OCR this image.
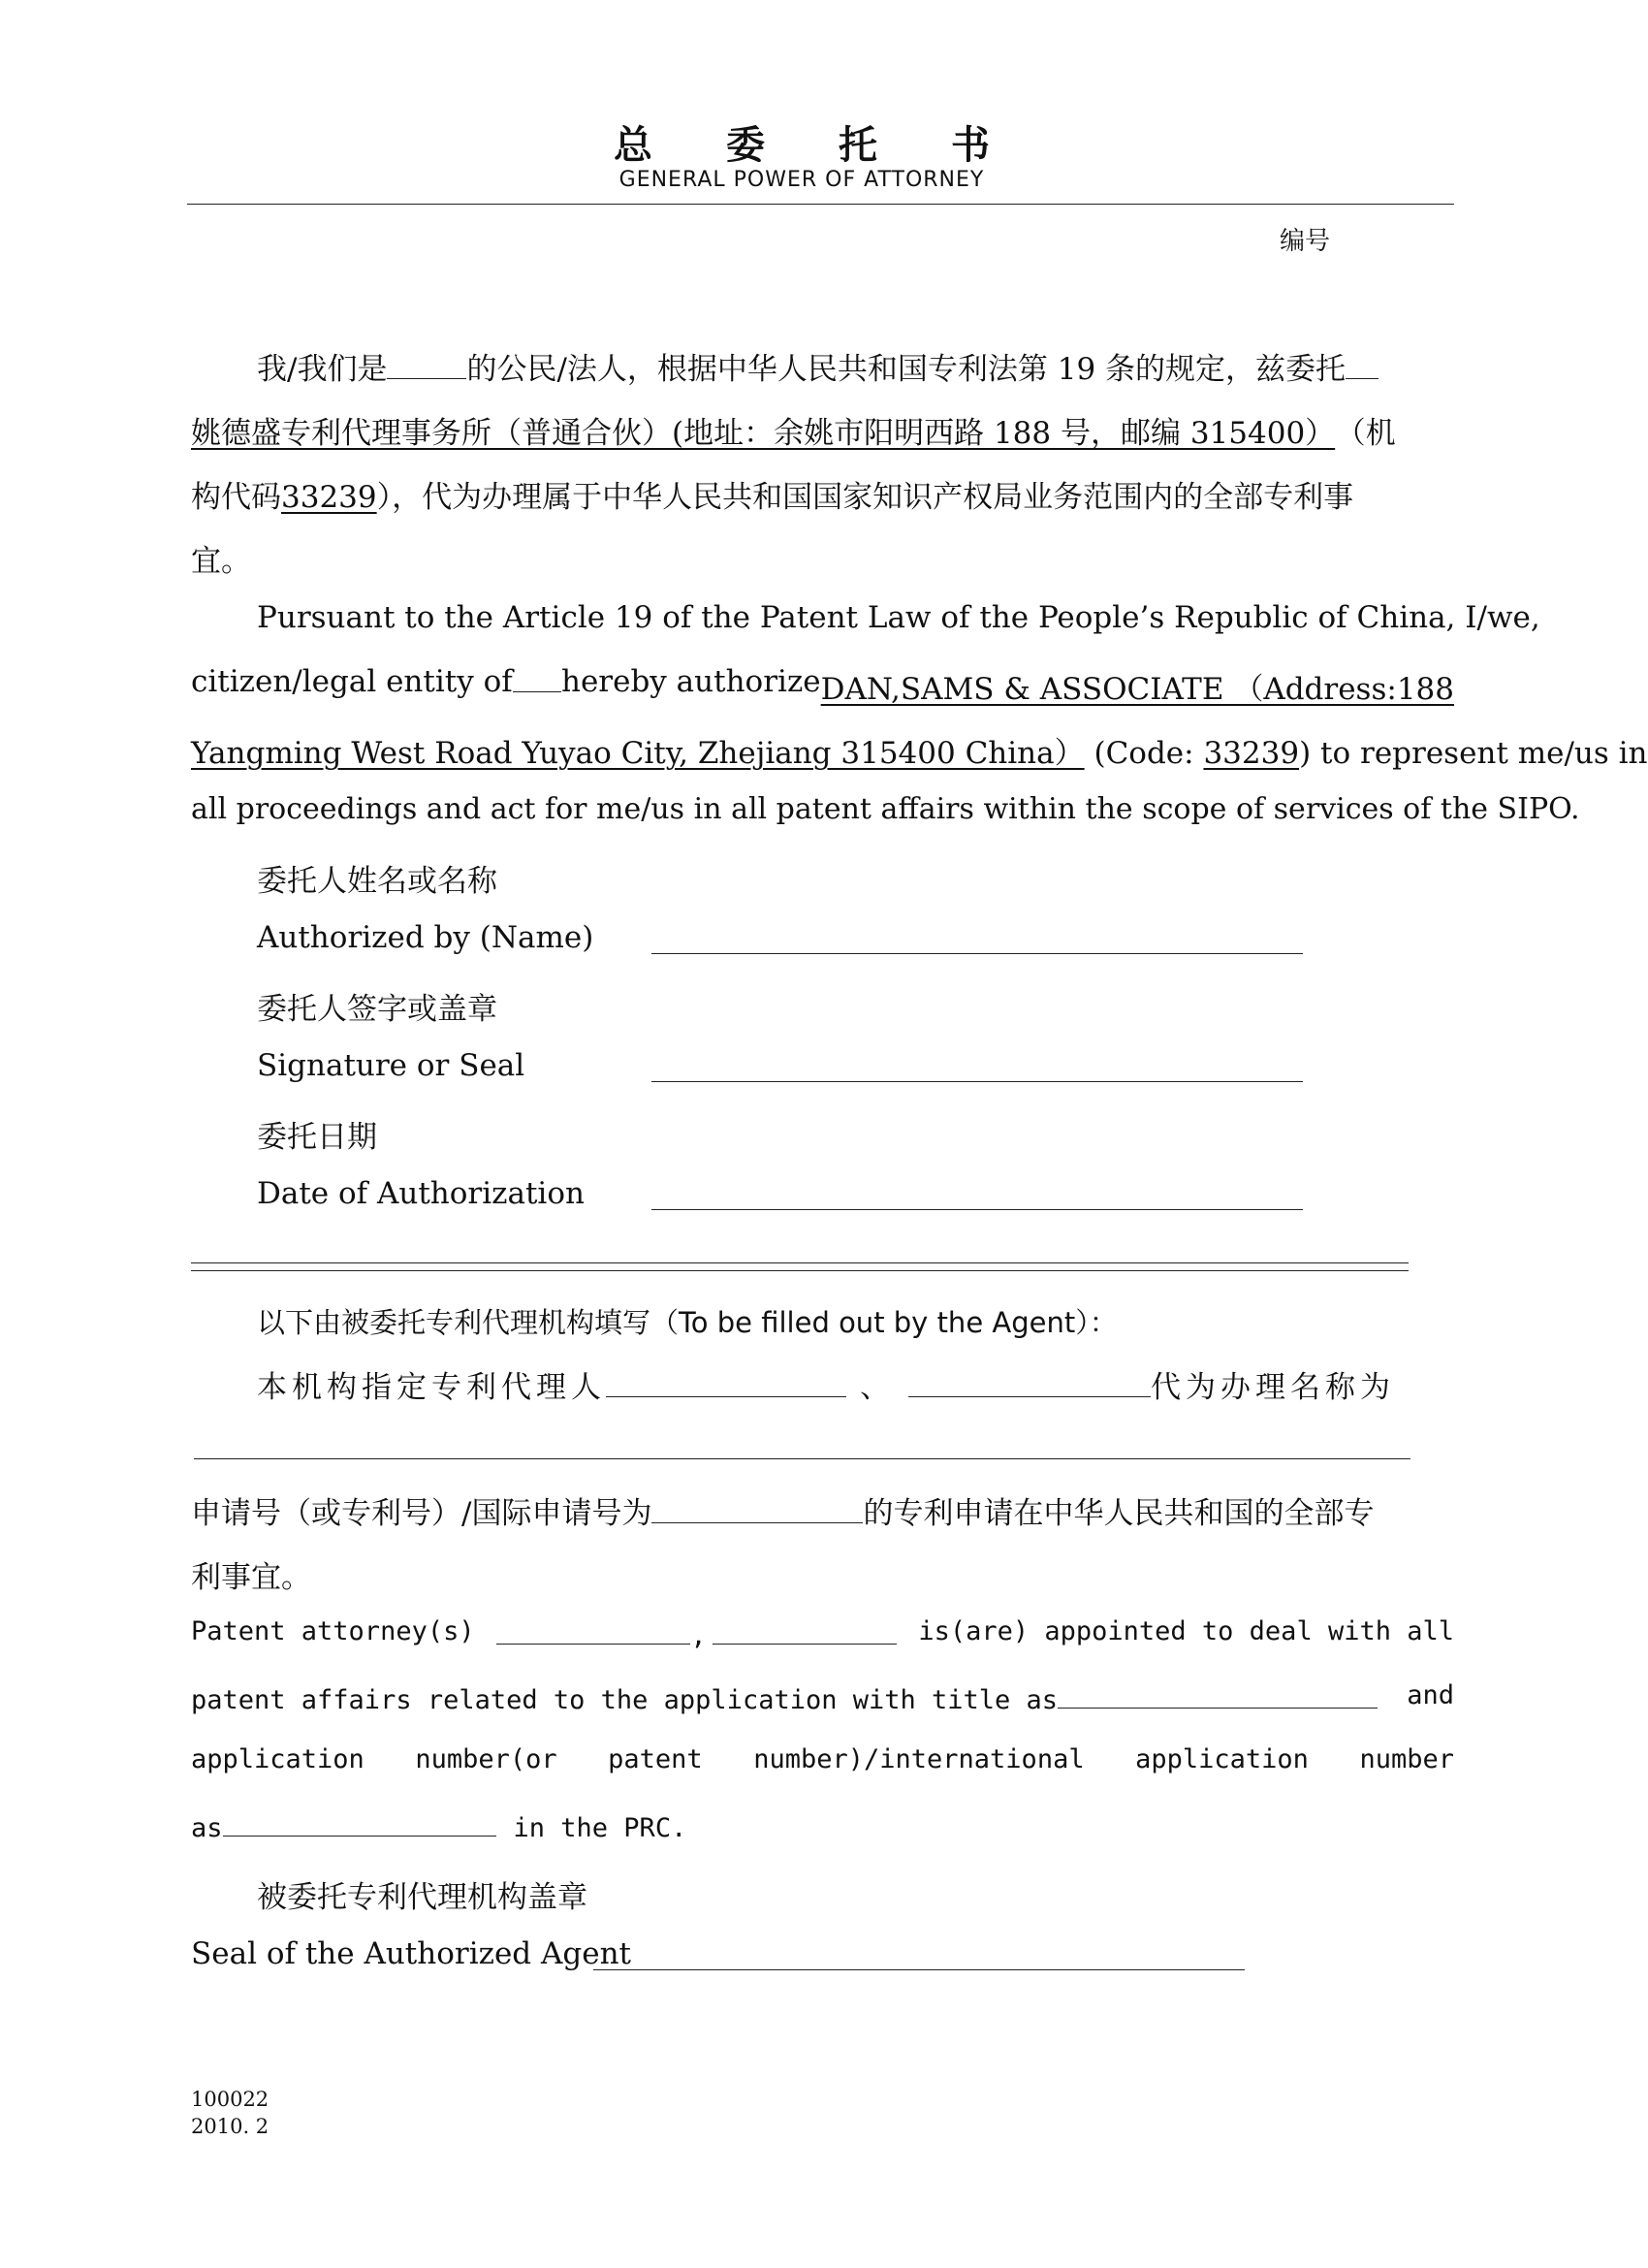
总 委 托 书
GENERAL POWER OF ATTORNEY
编号
我/我们是	的公民/法人，根据中华人民共和国专利法第 19 条的规定，兹委托
姚德盛专利代理事务所（普通合伙）(地址：余姚市阳明西路 188 号，邮编 315400） （机
构代码33239），代为办理属于中华人民共和国国家知识产权局业务范围内的全部专利事
宜。
Pursuant to the Article 19 of the Patent Law of the People’s Republic of China, I/we,
citizen/legal entity of hereby authorize DAN,SAMS & ASSOCIATE （Address:188
Yangming West Road Yuyao City, Zhejiang 315400 China） (Code: 33239) to represent me/us in
all proceedings and act for me/us in all patent affairs within the scope of services of the SIPO.
委托人姓名或名称
Authorized by (Name)
委托人签字或盖章
Signature or Seal
委托日期
Date of Authorization
以下由被委托专利代理机构填写（To be filled out by the Agent）：
本机构指定专利代理人	、	代为办理名称为
申请号（或专利号）/国际申请号为	的专利申请在中华人民共和国的全部专
利事宜。
Patent attorney(s)	,	is(are) appointed to deal with all
patent affairs related to the application with title as	and
application number(or patent number)/international application number
as	in the PRC.
被委托专利代理机构盖章
Seal of the Authorized Agent
100022
2010. 2
